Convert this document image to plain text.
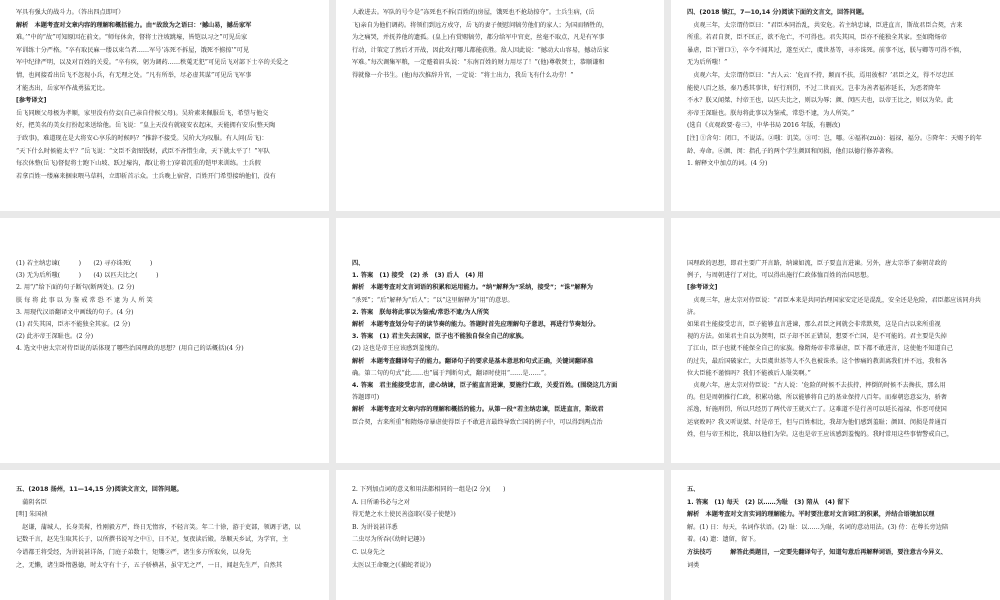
军具有强大的战斗力。（答出四点即可）

解析　本题考查对文章内容的理解和概括能力。由“故敌为之语曰：‘撼山易，撼岳家军

难。’”中的“故”可知原因在前文。“师每休舍，督将士注坡跳壕，皆铠以习之”可见岳家

军训练十分严格。“卒有取民麻一缕以束刍者……军号‘冻死不拆屋，饿死不掳掠’”可见

军中纪律严明，以及对百姓的关爱。“卒有疾，躬为调药……秩蒐无犯”可见岳飞对部下士卒的关爱之

情，也间接看出岳飞不忽视小兵，有无理之处。“凡有所举，尽必虚其谋”可见岳飞军事

才能杰出，岳家军作战勇猛无比。

[参考译文]

岳飞同顾父母极为孝顺，家里没有侍妾(自己亲自侍候父母)。吴玠素来佩服岳飞，希望与他交

好，把美名的美女打扮起来送给他。岳飞说：“皇上天没有就寝安衣起床，天能拥有安乐(整天陶

于政事)，难道现在是大将安心享乐的时候吗？”推辞不接受。吴玠大为叹服。有人问(岳飞)：

“天下什么时候能太平？”岳飞说：“文臣不贪图钱财，武臣不吝惜生命，天下就太平了！”军队

每次休整(岳飞)督促将士跑下山坡、跃过壕沟，都(让将士)穿着沉重的铠甲来训练。士兵假

若拿百姓一缕麻来捆束喂马草料，立即斩首示众。士兵晚上宿营，百姓开门希望接纳他们，没有

人敢进去。军队的号令是“冻死也不拆(百姓的)房屋，饿死也不抢劫掠夺”。士兵生病，(岳

飞)亲自为他们调药。将领们到远方戍守，岳飞的妻子便慰问犒劳他们的家人；为国而牺牲的，

为之痛哭，并抚养他的遗孤。(皇上)有赏赐犒劳，都分给军中官吏，丝毫不取点，凡是有军事

行动，计策定了然后才开战，因此攻打哪儿都能获胜。敌人因此说：“撼动大山容易，撼动岳家

军难。”每次调集军粮，一定蹙着眉头说：“东南百姓的财力用尽了！”(他)尊敬贤士，恭顺谦和

得就像一介书生。(他)每次推辞升官，一定说：“将士出力，我岳飞有什么功劳！”

四、(2018 镇江，7—10,14 分)阅读下面的文言文，回答问题。

　贞观三年，太宗谓侍臣曰：“君臣本同治乱，共安危。若主纳忠谏，臣进直言，斯故君臣合契，古来

所重。若君自贤，臣不匡正，欲不危亡，不可得也。君失其国，臣亦不能独全其家。至如隋炀帝

暴虐，臣下钳口①，卒令不闻其过，遂至灭亡，虞世基等，寻亦诛死。前事不远，朕与卿等可得不慎，

无为后所嗤！”

　贞观六年，太宗谓侍臣曰：“古人云：‘危而不持，颠而不扶，焉用彼相？’君臣之义，得不尽忠匡

能使八百之基，秦乃悉其事世，好行刑罚，不过二世而灭。岂非为善者福祚延长，为恶者降年

不永？朕又闻桀、纣帝王也，以匹夫比之，则以为辱；颜、闵匹夫也，以帝王比之，则以为荣。此

亦帝王深耻也。朕每将此事以为鉴戒，常恐不逮，为人所笑。”

(选自《贞观政要·卷三》，中华书局 2016 年版，有删改)

[注] ①含句：闭口，不说话。②嗤：讥笑。③可：岂，哪。④福祚(zuò)：福禄，福分。⑤降年：天赐予的年龄、寿命。⑥颜、闵：指孔子的两个学生颜回和闵损，他们以德行修养著称。

1. 解释文中加点的词。(4 分)

(1) 若主纳忠谏(　　　)　　(2) 寻亦诛死(　　　)

(3) 无为后所嗤(　　　)　　(4) 以匹夫比之(　　　)

2. 用“/”给下面的句子断句(断两处)。(2 分)

朕 每 将 此 事 以 为 鉴 戒 常 恐 不 逮 为 人 所 笑

3. 用现代汉语翻译文中画线的句子。(4 分)

(1) 君失其国，臣亦不能独全其家。(2 分)

(2) 此亦帝王深耻也。(2 分)

4. 选文中唐太宗对侍臣说的话体现了哪些治国理政的思想？(用自己的话概括)(4 分)

四、

1. 答案　(1) 接受　(2) 杀　(3) 后人　(4) 用

解析　本题考查对文言词语的积累和运用能力。“纳”解释为“采纳，接受”；“诛”解释为

“杀死”；“后”解释为“后人”；“以”这里解释为“用”的意思。

2. 答案　朕每将此事以为鉴戒/常恐不逮/为人所笑

解析　本题考查划分句子的读节奏的能力。答题时首先应理解句子意思，再进行节奏划分。

3. 答案　(1) 君主失去国家，臣子也不能独自保全自己的家族。

(2) 这也是帝王应该感到羞愧的。

解析　本题考查翻译句子的能力。翻译句子的要求是基本意思和句式正确，关键词翻译准

确。第二句的句式“此……也”属于判断句式，翻译时使用“……是……”。

4. 答案　君主能接受忠言，虚心纳谏，臣子能直言进谏，要施行仁政，关爱百姓。(围绕这几方面

答题即可)

解析　本题考查对文章内容的理解和概括的能力。从第一段“若主纳忠谏，臣进直言，斯故君

臣合契，古来所重”和隋炀帝暴虐使得臣子不敢进言最终导致亡国的例子中，可以得到两点治

国理政的思想，即君主要广开言路，纳谏如流，臣子要直言进谏。另外，唐太宗举了秦朝苛政的

例子，与周朝进行了对比，可以得出施行仁政体恤百姓的治国思想。

[参考译文]

　贞观三年，唐太宗对侍臣说：“君臣本来是共同治理国家安定还是混乱，安全还是危险，君臣都应该同舟共济。

如果君主能接受忠言，臣子能够直言进谏，那么君臣之间就会非常默契，这是自古以来所重视

视的方法。如果君主自以为贤明，臣子却不匡正错误，想要不亡国，是不可能的。君主要是失掉

了江山，臣子也就不能保全自己的家族。像隋炀帝非常暴虐，臣下都不敢进言，这使他不知道自己

的过失，最后国破家亡，大臣虞世基等人不久也被诛杀。这个惨痛的教训离我们并不远，我和各

位大臣能不谨慎吗？我们不能被后人耻笑啊。”

　贞观六年，唐太宗对侍臣说：“古人说：‘危险的时候不去扶持，摔倒的时候不去搀扶，那么用

的。但是周朝推行仁政，积累功德，所以能够将自己的基业保持八百年。而秦朝恣意妄为，骄奢

淫逸，好施刑罚，所以只经历了两代帝王就灭亡了。这难道不是行善可以延长福禄，作恶可使国

运衰败吗？我又听说桀、纣是帝王，但与百姓相比，我却为他们感到羞耻；颜回、闵损是普通百

姓，但与帝王相比，我却以他们为荣。这也是帝王应该感到羞愧的。我时常用这些事情警戒自己，

五、(2018 扬州，11—14,15 分)阅读文言文，回答问题。

　蒲阴名臣

[明] 朱国祯

　赵谦，蒲城人，长身美髯，性刚毅方严，终日无惰容，不轻言笑。年二十徐，游于吏部，领调于诸，以

记数千言，赵先生取其长于，以所撰书说写之中①，日不足，复夜读后殿。举顺天乡试，为学官，主

今谱都王将受经，为讲说甚详备，门庭子弟数十，矩矱②严，诸生多方所取矣，以身先

之，无懒，诸生卧惰愚德，时太守有十子，五子骄横甚，虽守无之严，一日，闻赵先生严，自然其

2. 下列加点词的意义和用法都相同的一组是(2 分)(　　)

A. 日所诵书必与之对

得无楚之水土使民善盗耶(《晏子使楚》)

B. 为讲说甚详悉

二虫尽为所吞(《幼时记趣》)

C. 以身先之

太医以王命聚之(《捕蛇者说》)

五、

1. 答案　(1) 每天　(2) 以……为耻　(3) 陪从　(4) 留下

解析　本题考查对文言实词的理解能力。平时要注意对文言词汇的积累，并结合语境加以理

解。(1) 日：每天，名词作状语。(2) 耻：以……为耻，名词的意动用法。(3) 侍：在尊长旁边陪

着。(4) 遗：遗留，留下。

方法技巧　　　解答此类题目，一定要先翻译句子，知道句意后再解释词语，要注意古今异义、

词类
